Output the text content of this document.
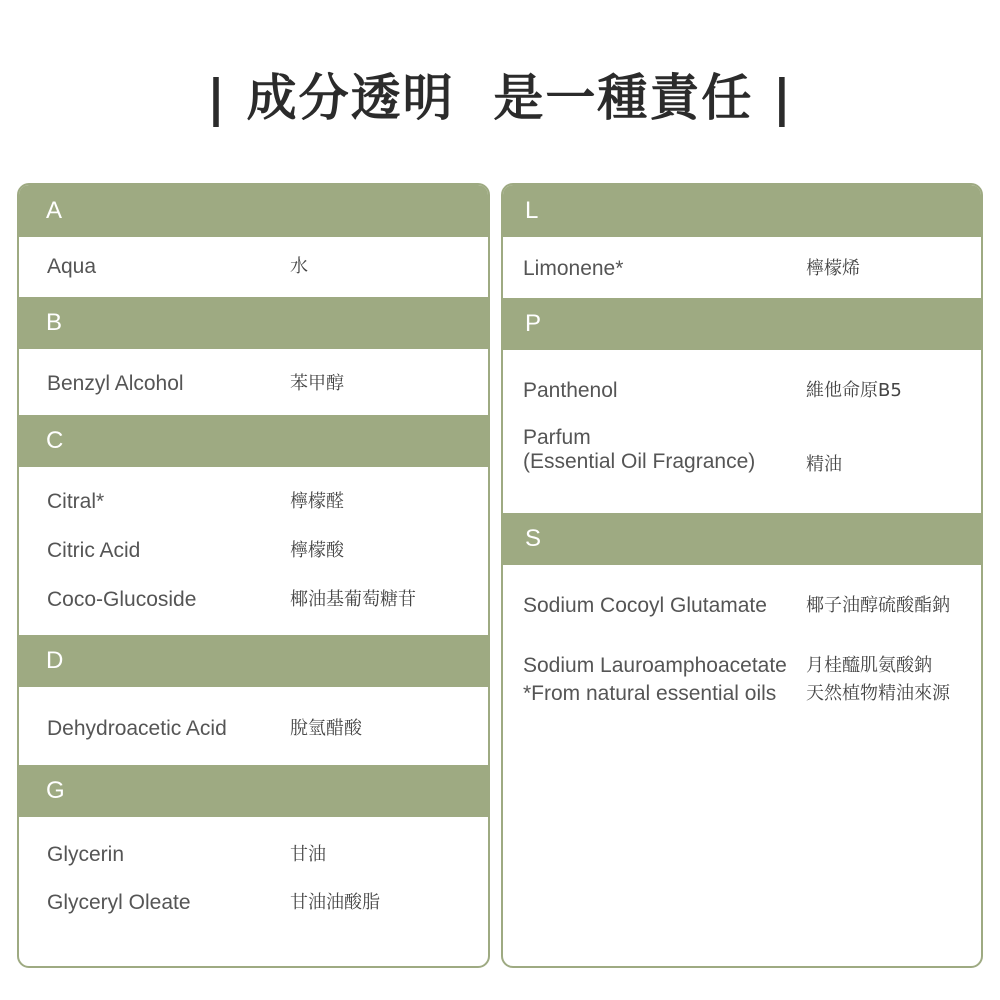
| 成分透明  是一種責任 |
A
Aqua	水
B
Benzyl Alcohol	苯甲醇
C
Citral*	檸檬醛
Citric Acid	檸檬酸
Coco-Glucoside	椰油基葡萄糖苷
D
Dehydroacetic Acid	脫氫醋酸
G
Glycerin	甘油
Glyceryl Oleate	甘油油酸脂
L
Limonene*	檸檬烯
P
Panthenol	維他命原B5
Parfum
(Essential Oil Fragrance)	精油
S
Sodium Cocoyl Glutamate 椰子油醇硫酸酯鈉
Sodium Lauroamphoacetate 月桂醯肌氨酸鈉
*From natural essential oils 天然植物精油來源
